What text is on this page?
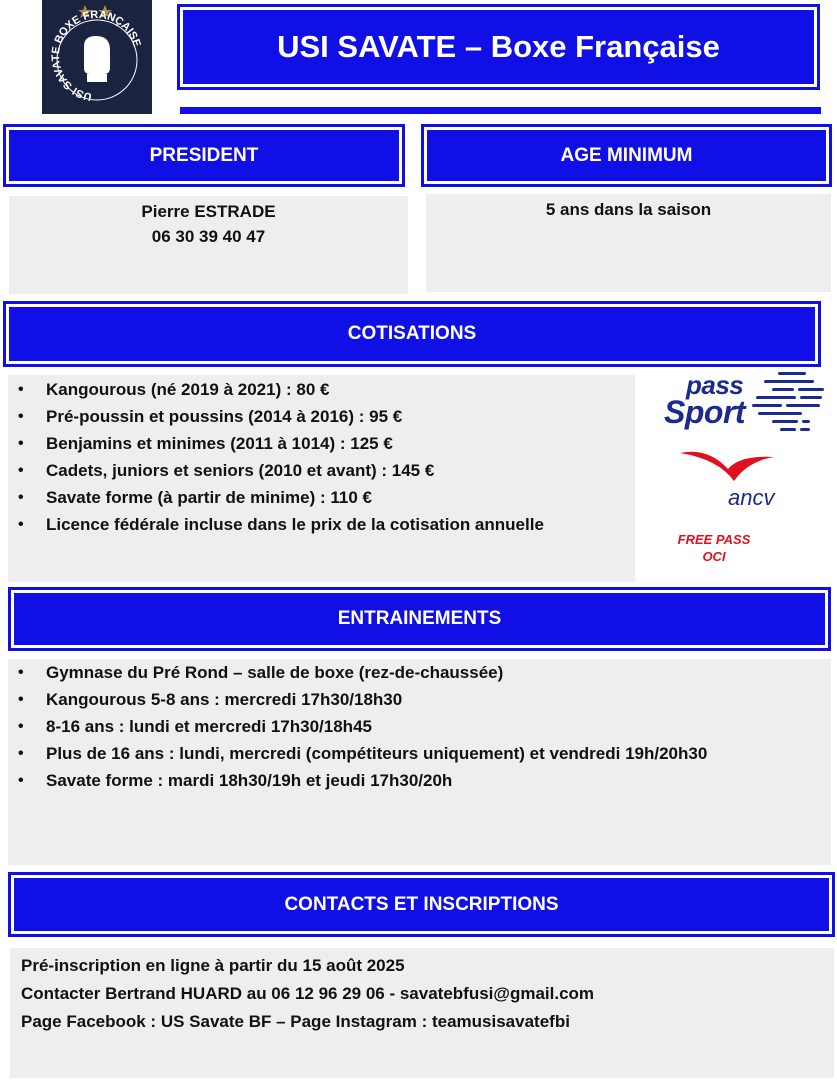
USI SAVATE BOXE FRANÇAISE	USI SAVATE – Boxe Française
PRESIDENT
Pierre ESTRADE
06 30 39 40 47
AGE MINIMUM
5 ans dans la saison
COTISATIONS
• Kangourous (né 2019 à 2021) : 80 €
• Pré-poussin et poussins (2014 à 2016) : 95 €
• Benjamins et minimes (2011 à 1014) : 125 €
• Cadets, juniors et seniors (2010 et avant) : 145 €
• Savate forme (à partir de minime) : 110 €
• Licence fédérale incluse dans le prix de la cotisation annuelle
pass
Sport
ancv
FREE PASS
OCI
ENTRAINEMENTS
• Gymnase du Pré Rond – salle de boxe (rez-de-chaussée)
• Kangourous 5-8 ans : mercredi 17h30/18h30
• 8-16 ans : lundi et mercredi 17h30/18h45
• Plus de 16 ans : lundi, mercredi (compétiteurs uniquement) et vendredi 19h/20h30
• Savate forme : mardi 18h30/19h et jeudi 17h30/20h
CONTACTS ET INSCRIPTIONS
Pré-inscription en ligne à partir du 15 août 2025
Contacter Bertrand HUARD au 06 12 96 29 06 - savatebfusi@gmail.com
Page Facebook : US Savate BF – Page Instagram : teamusisavatefbi
